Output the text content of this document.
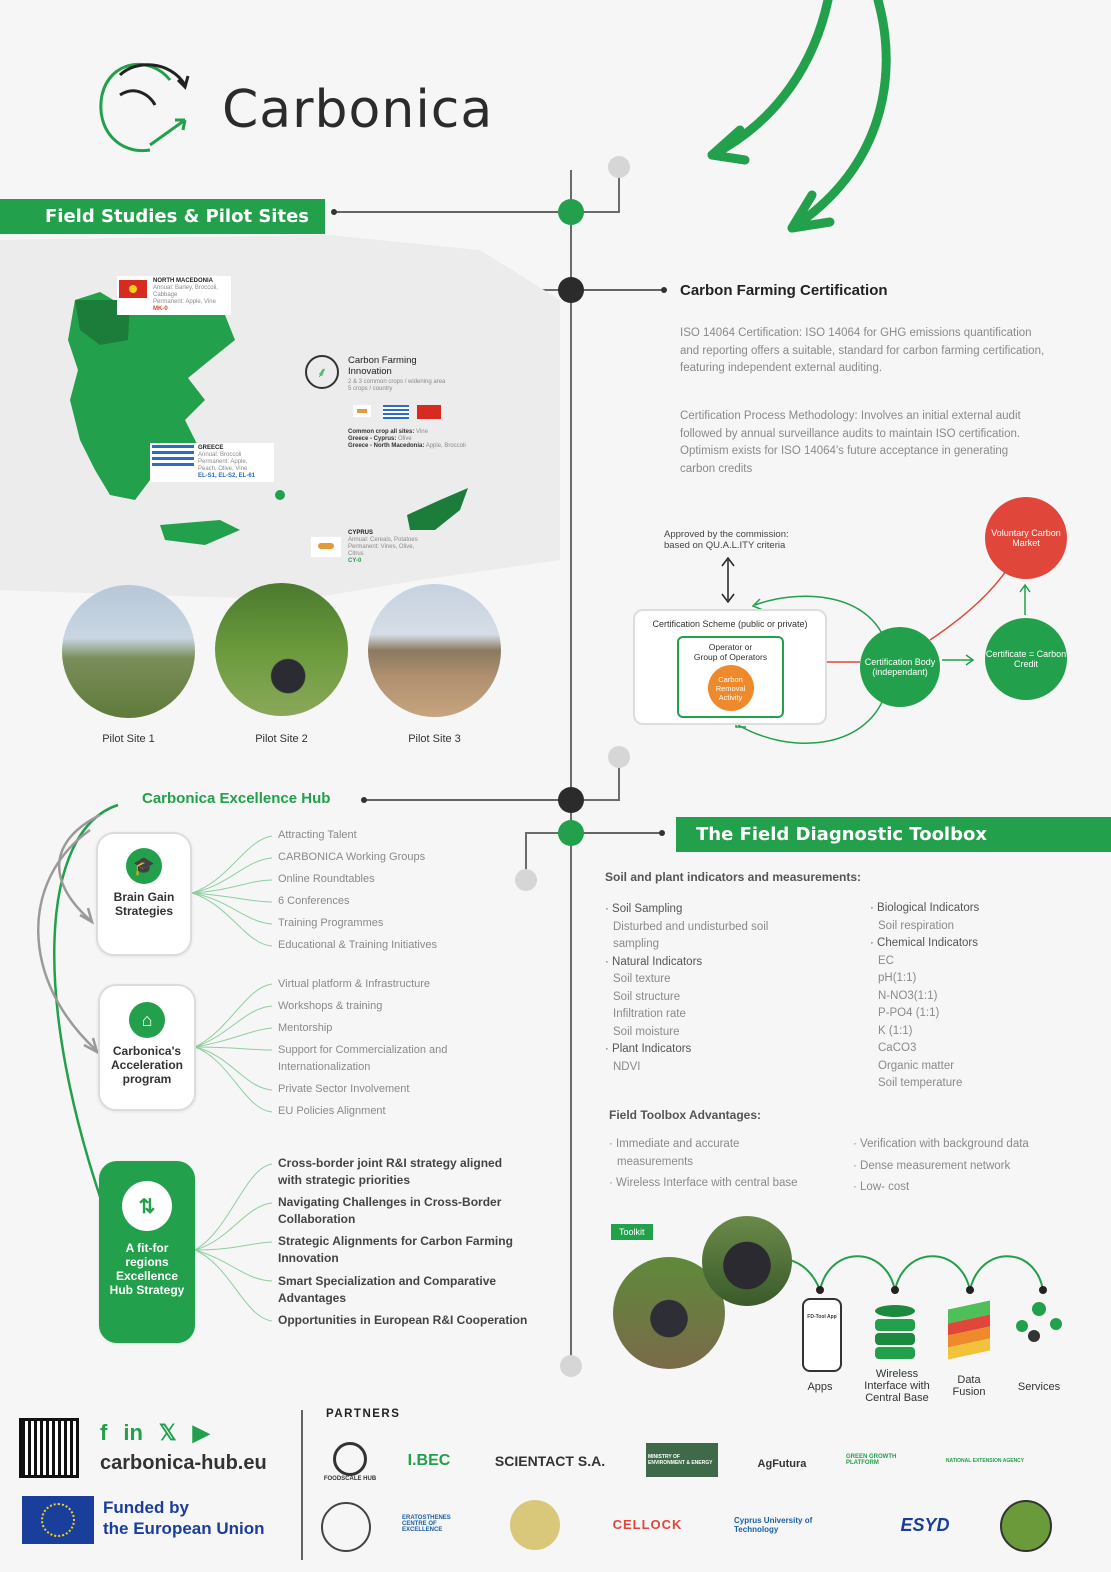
Carbonica
Field Studies & Pilot Sites
NORTH MACEDONIA
Annual: Barley, Broccoli,
Cabbage
Permanent: Apple, Vine
MK-0
GREECE
Annual: Broccoli
Permanent: Apple,
Peach, Olive, Vine
EL-S1, EL-S2, EL-61
CYPRUS
Annual: Cereals, Potatoes
Permanent: Vines, Olive,
Citrus
CY-0
⸙
Carbon Farming
Innovation
2 & 3 common crops / widening area
5 crops / country
Common crop all sites: Vine
Greece - Cyprus: Olive
Greece - North Macedonia: Apple, Broccoli
Pilot Site 1	Pilot Site 2	Pilot Site 3
Carbon Farming Certification
ISO 14064 Certification: ISO 14064 for GHG emissions quantification and reporting offers a suitable, standard for carbon farming certification, featuring independent external auditing.
Certification Process Methodology: Involves an initial external audit followed by annual surveillance audits to maintain ISO certification. Optimism exists for ISO 14064's future acceptance in generating carbon credits
Approved by the commission:
based on QU.A.L.ITY criteria
Certification Scheme (public or private)
Operator or
Group of Operators
Carbon Removal Activity
Certification Body (independant)
Voluntary Carbon Market
Certificate = Carbon Credit
Carbonica Excellence Hub
🎓
Brain Gain Strategies
Attracting Talent
CARBONICA Working Groups
Online Roundtables
6 Conferences
Training Programmes
Educational & Training Initiatives
⌂
Carbonica's Acceleration program
Virtual platform & Infrastructure
Workshops & training
Mentorship
Support for Commercialization and
Internationalization
Private Sector Involvement
EU Policies Alignment
⇅
A fit-for regions Excellence Hub Strategy
Cross-border joint R&I strategy aligned
with strategic priorities
Navigating Challenges in Cross-Border
Collaboration
Strategic Alignments for Carbon Farming
Innovation
Smart Specialization and Comparative
Advantages
Opportunities in European R&I Cooperation
The Field Diagnostic Toolbox
Soil and plant indicators and measurements:
· Soil Sampling
Disturbed and undisturbed soil
sampling
· Natural Indicators
Soil texture
Soil structure
Infiltration rate
Soil moisture
· Plant Indicators
NDVI
· Biological Indicators
Soil respiration
· Chemical Indicators
EC
pH(1:1)
N-NO3(1:1)
P-PO4 (1:1)
K (1:1)
CaCO3
Organic matter
Soil temperature
Field Toolbox Advantages:
· Immediate and accurate
measurements
· Wireless Interface with central base
· Verification with background data
· Dense measurement network
· Low- cost
Toolkit
FD-Tool App
Apps
Wireless Interface with Central Base
Data Fusion	Services
f in 𝕏 ▶
carbonica-hub.eu
Funded by
the European Union
PARTNERS
FOODSCALE HUB
I.BEC	SCIENTACT S.A.	MINISTRY OF ENVIRONMENT & ENERGY	AgFutura
GREEN GROWTH PLATFORM	NATIONAL EXTENSION AGENCY
ERATOSTHENES CENTRE OF EXCELLENCE	CELLOCK	Cyprus University of Technology	ESYD
